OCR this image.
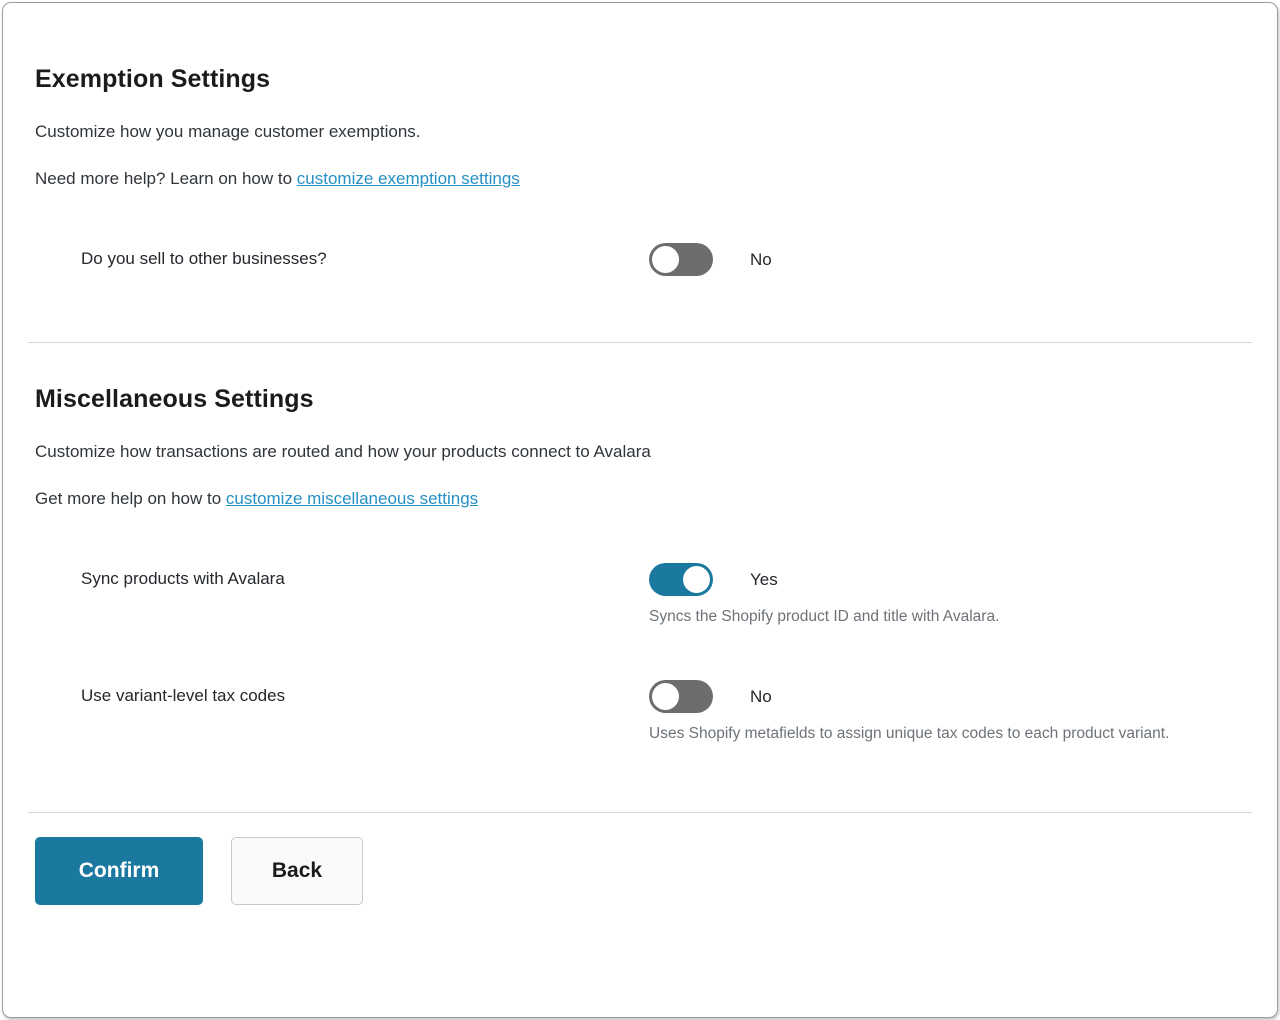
Exemption Settings

Customize how you manage customer exemptions.

Need more help? Learn on how to customize exemption settings

Do you sell to other businesses?	No
Miscellaneous Settings

Customize how transactions are routed and how your products connect to Avalara

Get more help on how to customize miscellaneous settings

Sync products with Avalara	Yes
Syncs the Shopify product ID and title with Avalara.
Use variant-level tax codes	No
Uses Shopify metafields to assign unique tax codes to each product variant.
Confirm	Back
